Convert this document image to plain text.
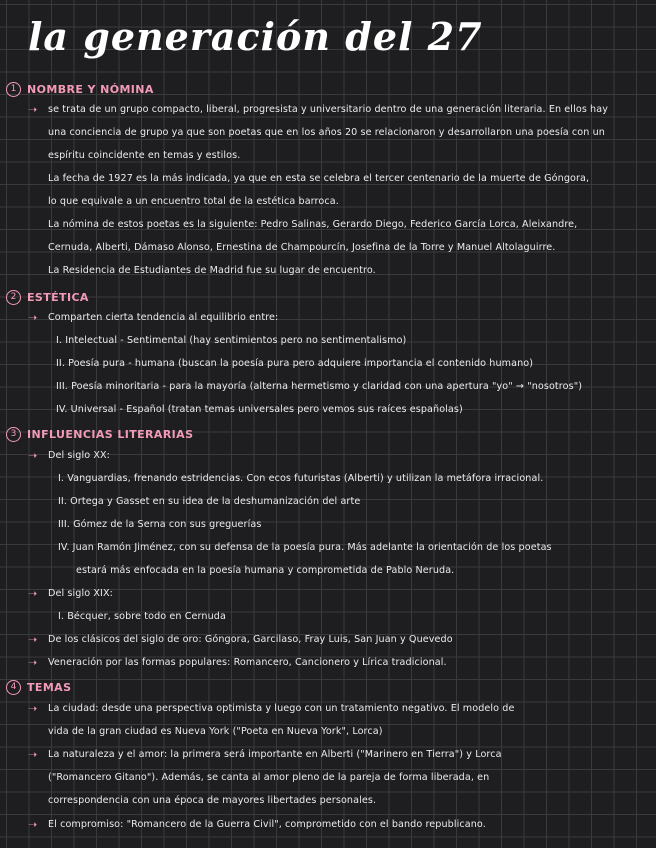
la generación del 27
1 NOMBRE Y NÓMINA
➝ se trata de un grupo compacto, liberal, progresista y universitario dentro de una generación literaria. En ellos hay
una conciencia de grupo ya que son poetas que en los años 20 se relacionaron y desarrollaron una poesía con un
espíritu coincidente en temas y estilos.
La fecha de 1927 es la más indicada, ya que en esta se celebra el tercer centenario de la muerte de Góngora,
lo que equivale a un encuentro total de la estética barroca.
La nómina de estos poetas es la siguiente: Pedro Salinas, Gerardo Diego, Federico García Lorca, Aleixandre,
Cernuda, Alberti, Dámaso Alonso, Ernestina de Champourcín, Josefina de la Torre y Manuel Altolaguirre.
La Residencia de Estudiantes de Madrid fue su lugar de encuentro.
2 ESTÉTICA
➝ Comparten cierta tendencia al equilibrio entre:
I. Intelectual - Sentimental (hay sentimientos pero no sentimentalismo)
II. Poesía pura - humana (buscan la poesía pura pero adquiere importancia el contenido humano)
III. Poesía minoritaria - para la mayoría (alterna hermetismo y claridad con una apertura "yo" → "nosotros")
IV. Universal - Español (tratan temas universales pero vemos sus raíces españolas)
3 INFLUENCIAS LITERARIAS
➝ Del siglo XX:
I. Vanguardias, frenando estridencias. Con ecos futuristas (Alberti) y utilizan la metáfora irracional.
II. Ortega y Gasset en su idea de la deshumanización del arte
III. Gómez de la Serna con sus greguerías
IV. Juan Ramón Jiménez, con su defensa de la poesía pura. Más adelante la orientación de los poetas
estará más enfocada en la poesía humana y comprometida de Pablo Neruda.
➝ Del siglo XIX:
I. Bécquer, sobre todo en Cernuda
➝ De los clásicos del siglo de oro: Góngora, Garcilaso, Fray Luis, San Juan y Quevedo
➝ Veneración por las formas populares: Romancero, Cancionero y Lírica tradicional.
4 TEMAS
➝ La ciudad: desde una perspectiva optimista y luego con un tratamiento negativo. El modelo de
vida de la gran ciudad es Nueva York ("Poeta en Nueva York", Lorca)
➝ La naturaleza y el amor: la primera será importante en Alberti ("Marinero en Tierra") y Lorca
("Romancero Gitano"). Además, se canta al amor pleno de la pareja de forma liberada, en
correspondencia con una época de mayores libertades personales.
➝ El compromiso: "Romancero de la Guerra Civil", comprometido con el bando republicano.
